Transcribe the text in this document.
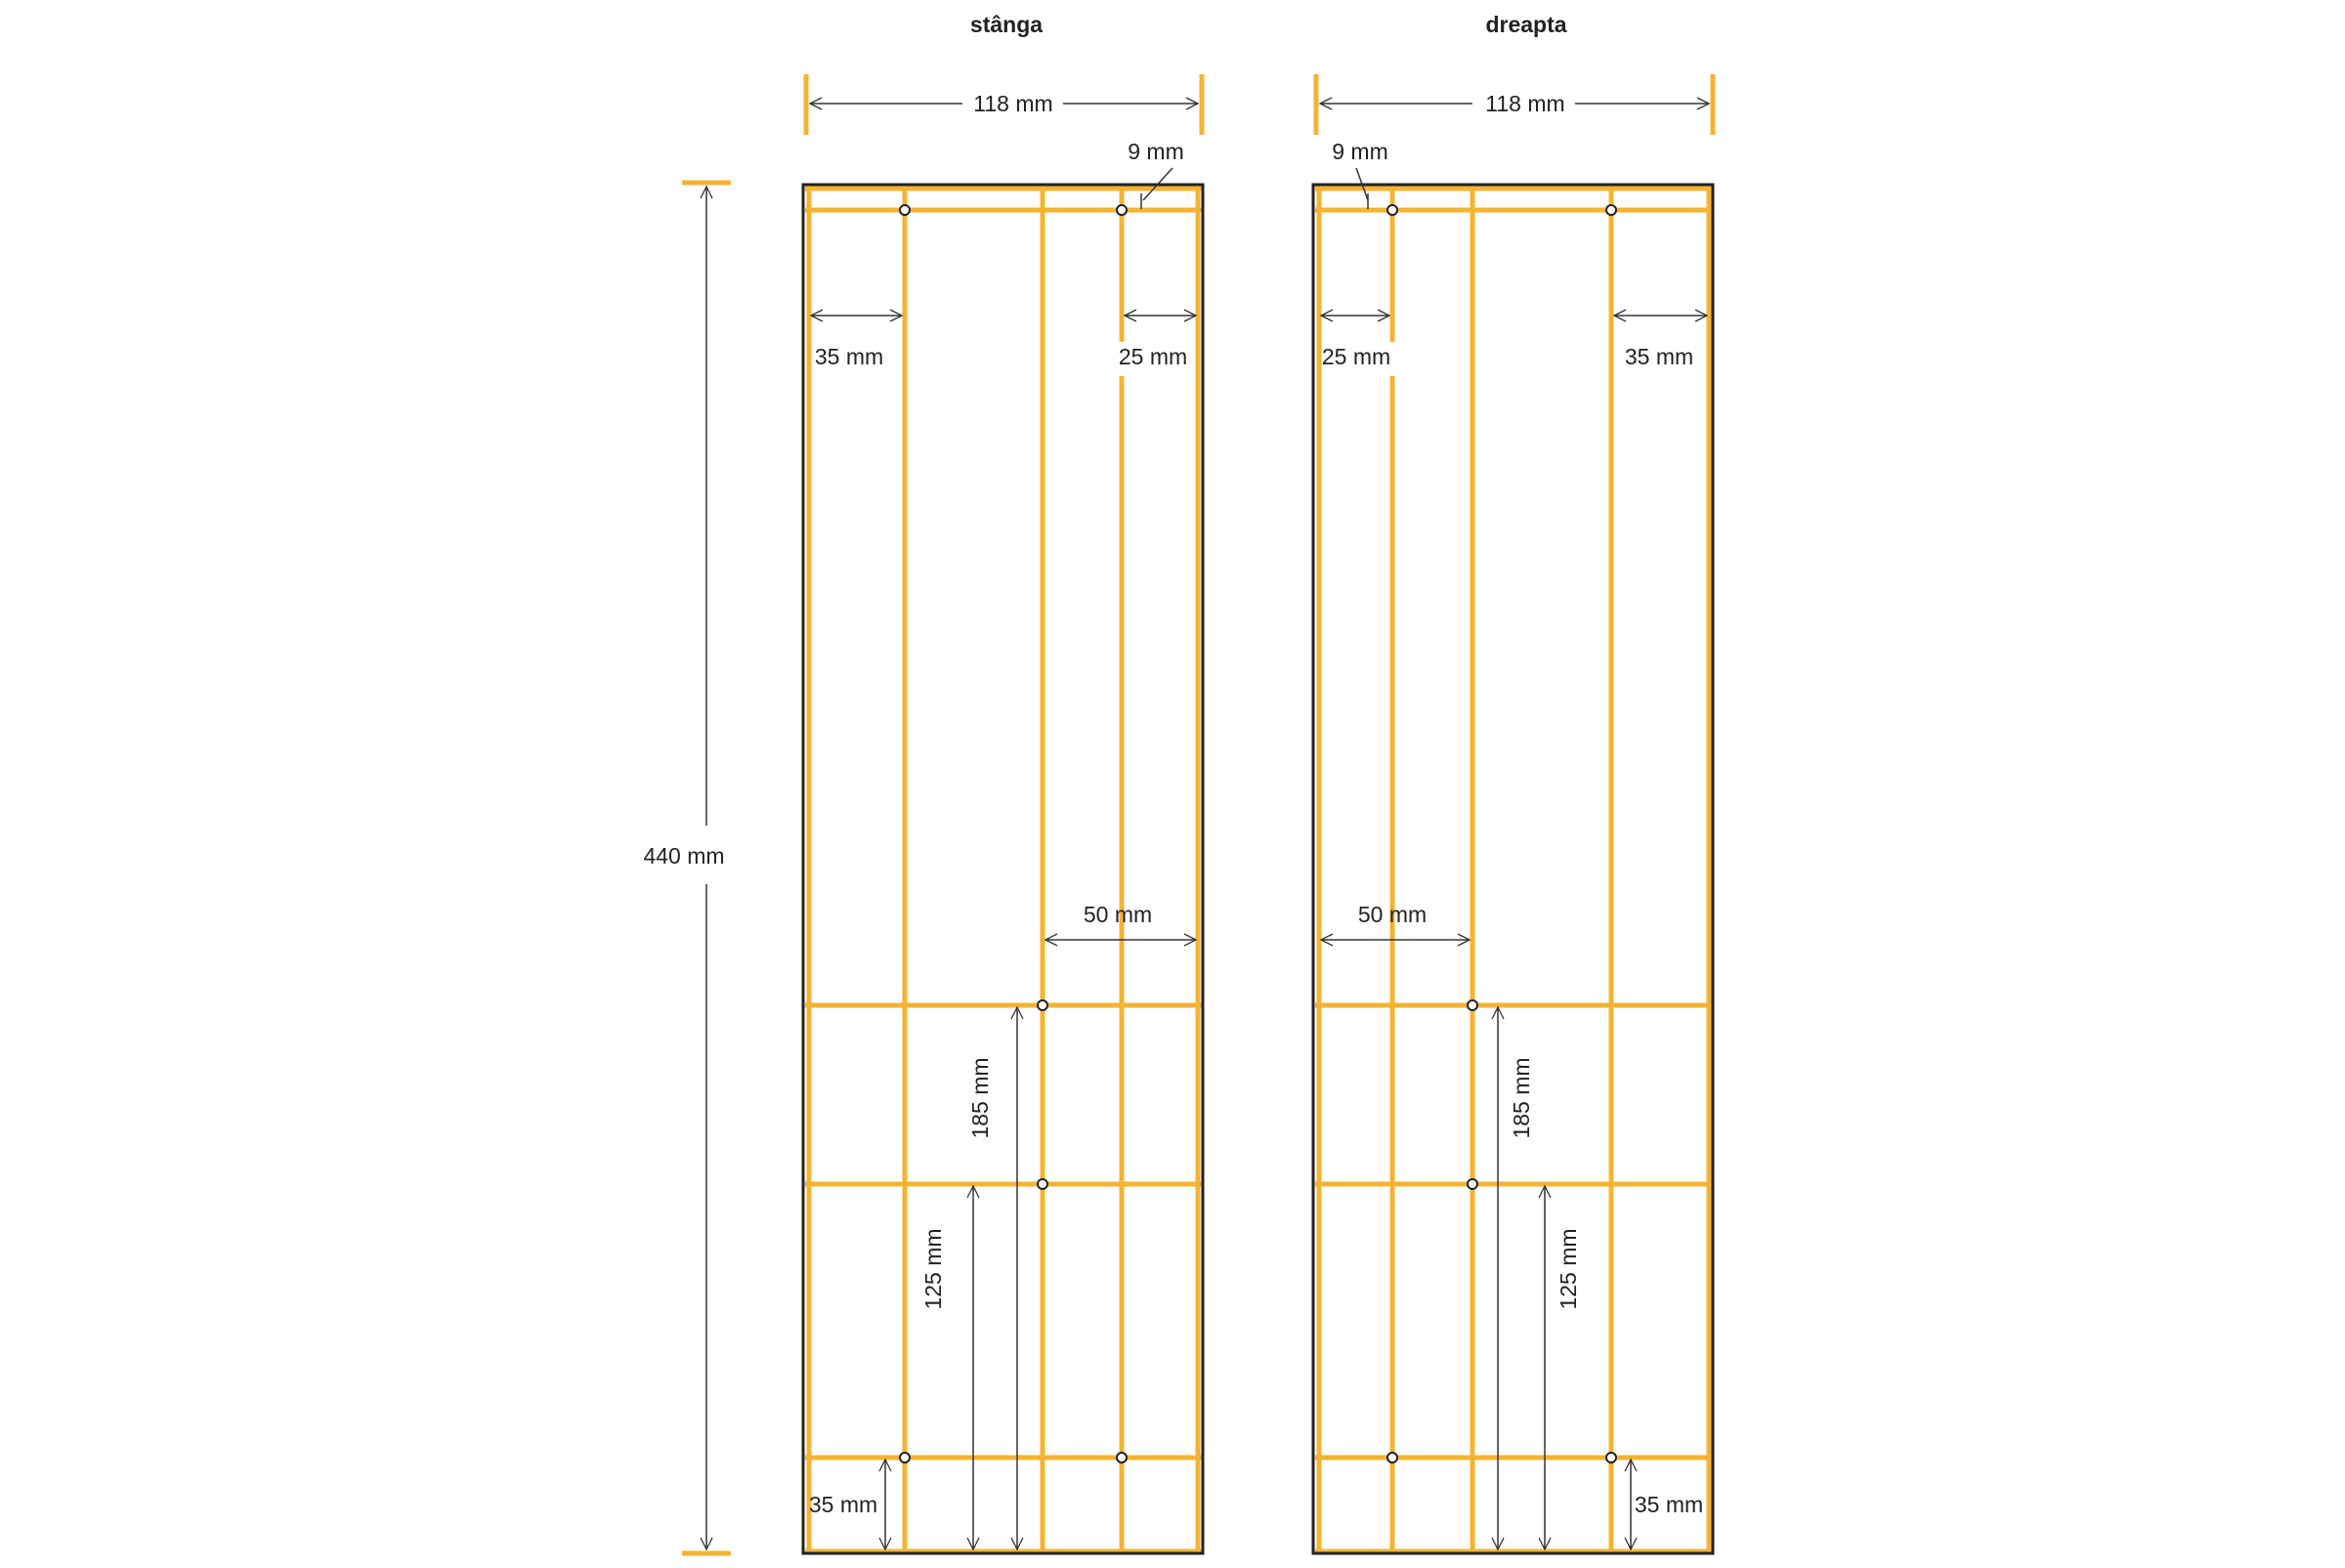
stânga	dreapta
440 mm
118 mm
9 mm
35 mm	25 mm
50 mm
185 mm
125 mm
35 mm
118 mm
9 mm
25 mm	35 mm
50 mm
185 mm
125 mm
35 mm
